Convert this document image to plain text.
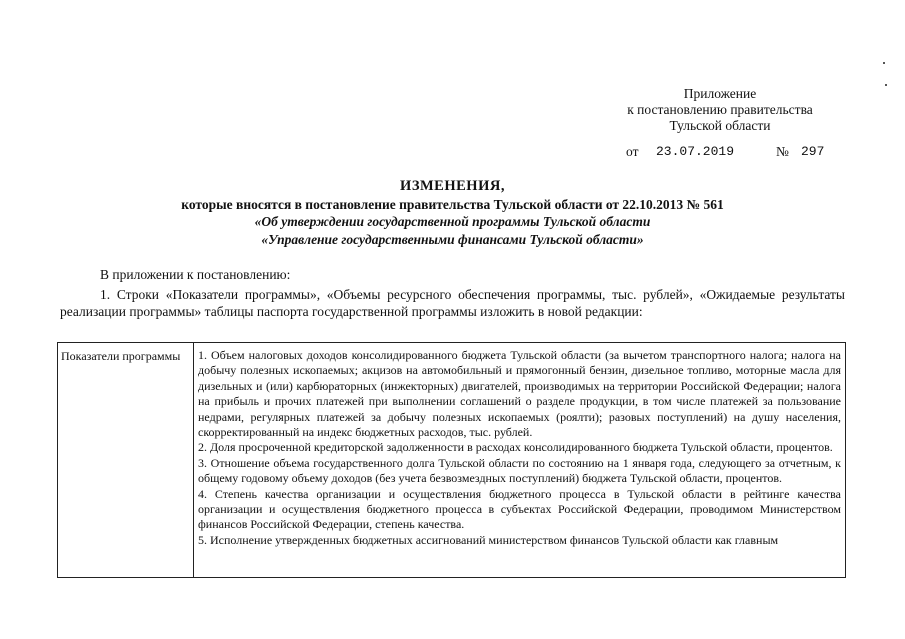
Приложение
к постановлению правительства
Тульской области
от 23.07.2019	№ 297
ИЗМЕНЕНИЯ,
которые вносятся в постановление правительства Тульской области от 22.10.2013 № 561
«Об утверждении государственной программы Тульской области
«Управление государственными финансами Тульской области»
В приложении к постановлению:
1. Строки «Показатели программы», «Объемы ресурсного обеспечения программы, тыс. рублей», «Ожидаемые результаты реализации программы» таблицы паспорта государственной программы изложить в новой редакции:
Показатели программы	1. Объем налоговых доходов консолидированного бюджета Тульской области (за вычетом транспортного налога; налога на добычу полезных ископаемых; акцизов на автомобильный и прямогонный бензин, дизельное топливо, моторные масла для дизельных и (или) карбюраторных (инжекторных) двигателей, производимых на территории Российской Федерации; налога на прибыль и прочих платежей при выполнении соглашений о разделе продукции, в том числе платежей за пользование недрами, регулярных платежей за добычу полезных ископаемых (роялти); разовых поступлений) на душу населения, скорректированный на индекс бюджетных расходов, тыс. рублей.

2. Доля просроченной кредиторской задолженности в расходах консолидированного бюджета Тульской области, процентов.

3. Отношение объема государственного долга Тульской области по состоянию на 1 января года, следующего за отчетным, к общему годовому объему доходов (без учета безвозмездных поступлений) бюджета Тульской области, процентов.

4. Степень качества организации и осуществления бюджетного процесса в Тульской области в рейтинге качества организации и осуществления бюджетного процесса в субъектах Российской Федерации, проводимом Министерством финансов Российской Федерации, степень качества.

5. Исполнение утвержденных бюджетных ассигнований министерством финансов Тульской области как главным
